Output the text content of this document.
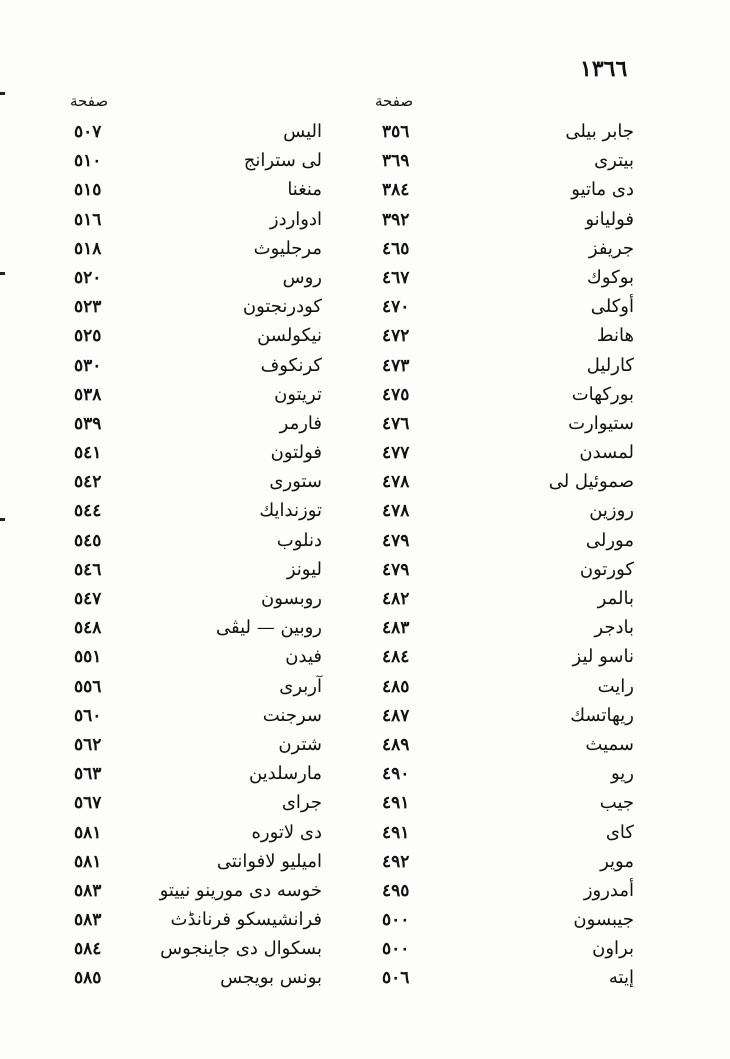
١٣٦٦
صفحة
صفحة
جابر بيلى
٣٥٦
اليس
٥٠٧
بيترى
٣٦٩
لى سترانج
٥١٠
دى ماتيو
٣٨٤
منغنا
٥١٥
فوليانو
٣٩٢
ادواردز
٥١٦
جريفز
٤٦٥
مرجليوث
٥١٨
بوكوك
٤٦٧
روس
٥٢٠
أوكلى
٤٧٠
كودرنجتون
٥٢٣
هانط
٤٧٢
نيكولسن
٥٢٥
كارليل
٤٧٣
كرنكوف
٥٣٠
بوركهات
٤٧٥
تريتون
٥٣٨
ستيوارت
٤٧٦
فارمر
٥٣٩
لمسدن
٤٧٧
فولتون
٥٤١
صموئيل لى
٤٧٨
ستورى
٥٤٢
روزين
٤٧٨
توزندايك
٥٤٤
مورلى
٤٧٩
دنلوب
٥٤٥
كورتون
٤٧٩
ليونز
٥٤٦
بالمر
٤٨٢
روبسون
٥٤٧
بادجر
٤٨٣
روبين — ليڤى
٥٤٨
ناسو ليز
٤٨٤
فيدن
٥٥١
رايت
٤٨٥
آربرى
٥٥٦
ريهاتسك
٤٨٧
سرجنت
٥٦٠
سميث
٤٨٩
شترن
٥٦٢
ريو
٤٩٠
مارسلدين
٥٦٣
جيب
٤٩١
جراى
٥٦٧
كاى
٤٩١
دى لاتوره
٥٨١
موير
٤٩٢
اميليو لافوانتى
٥٨١
أمدروز
٤٩٥
خوسه دى مورينو نييتو
٥٨٣
جيبسون
٥٠٠
فرانشيسكو فرنانڈث
٥٨٣
براون
٥٠٠
بسكوال دى جاينجوس
٥٨٤
إيته
٥٠٦
بونس بويجس
٥٨٥
